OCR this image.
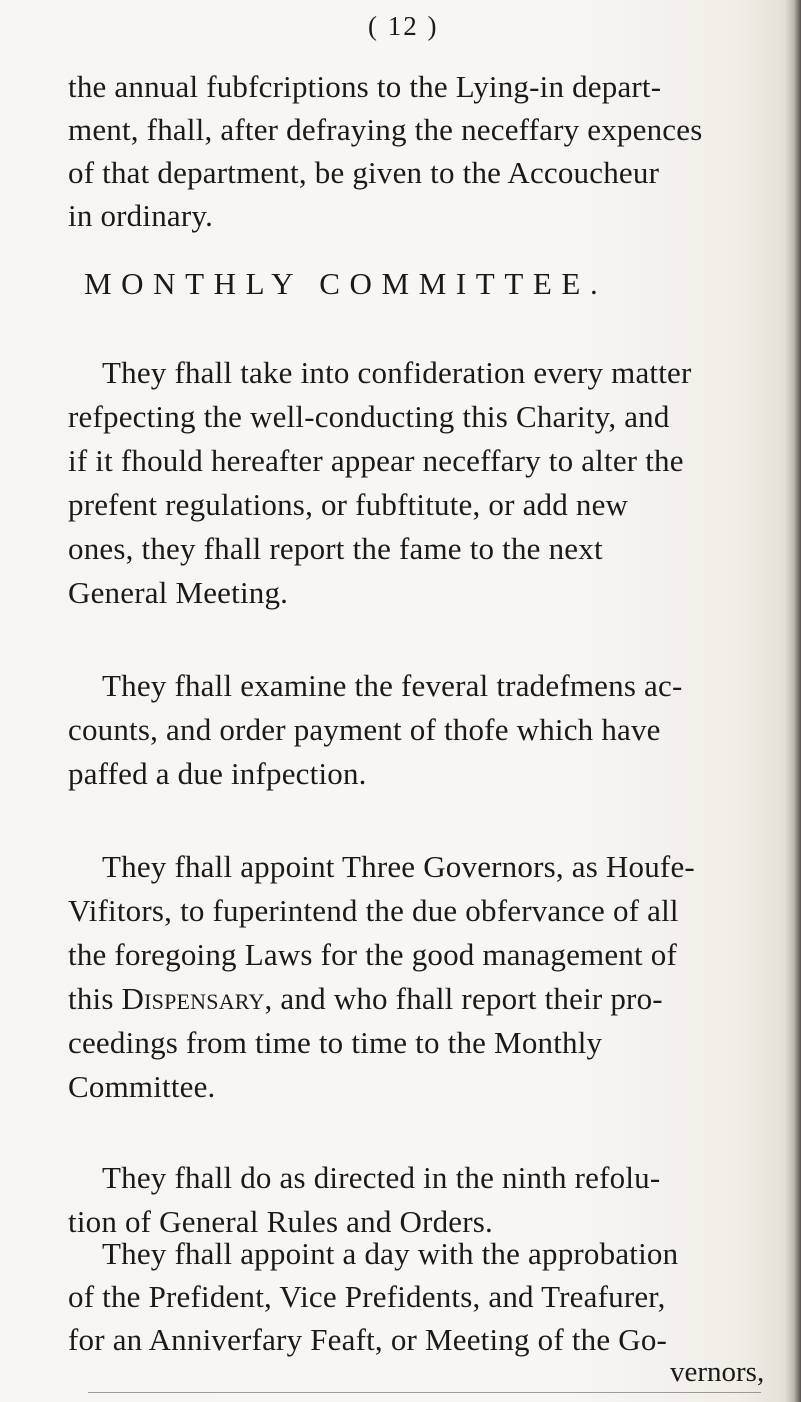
( 12 )
the annual fubfcriptions to the Lying-in depart-
ment, fhall, after defraying the neceffary expences
of that department, be given to the Accoucheur
in ordinary.
MONTHLY COMMITTEE.
They fhall take into confideration every matter
refpecting the well-conducting this Charity, and
if it fhould hereafter appear neceffary to alter the
prefent regulations, or fubftitute, or add new
ones, they fhall report the fame to the next
General Meeting.
They fhall examine the feveral tradefmens ac-
counts, and order payment of thofe which have
paffed a due infpection.
They fhall appoint Three Governors, as Houfe-
Vifitors, to fuperintend the due obfervance of all
the foregoing Laws for the good management of
this Dispensary, and who fhall report their pro-
ceedings from time to time to the Monthly
Committee.
They fhall do as directed in the ninth refolu-
tion of General Rules and Orders.
They fhall appoint a day with the approbation
of the Prefident, Vice Prefidents, and Treafurer,
for an Anniverfary Feaft, or Meeting of the Go-
vernors,
